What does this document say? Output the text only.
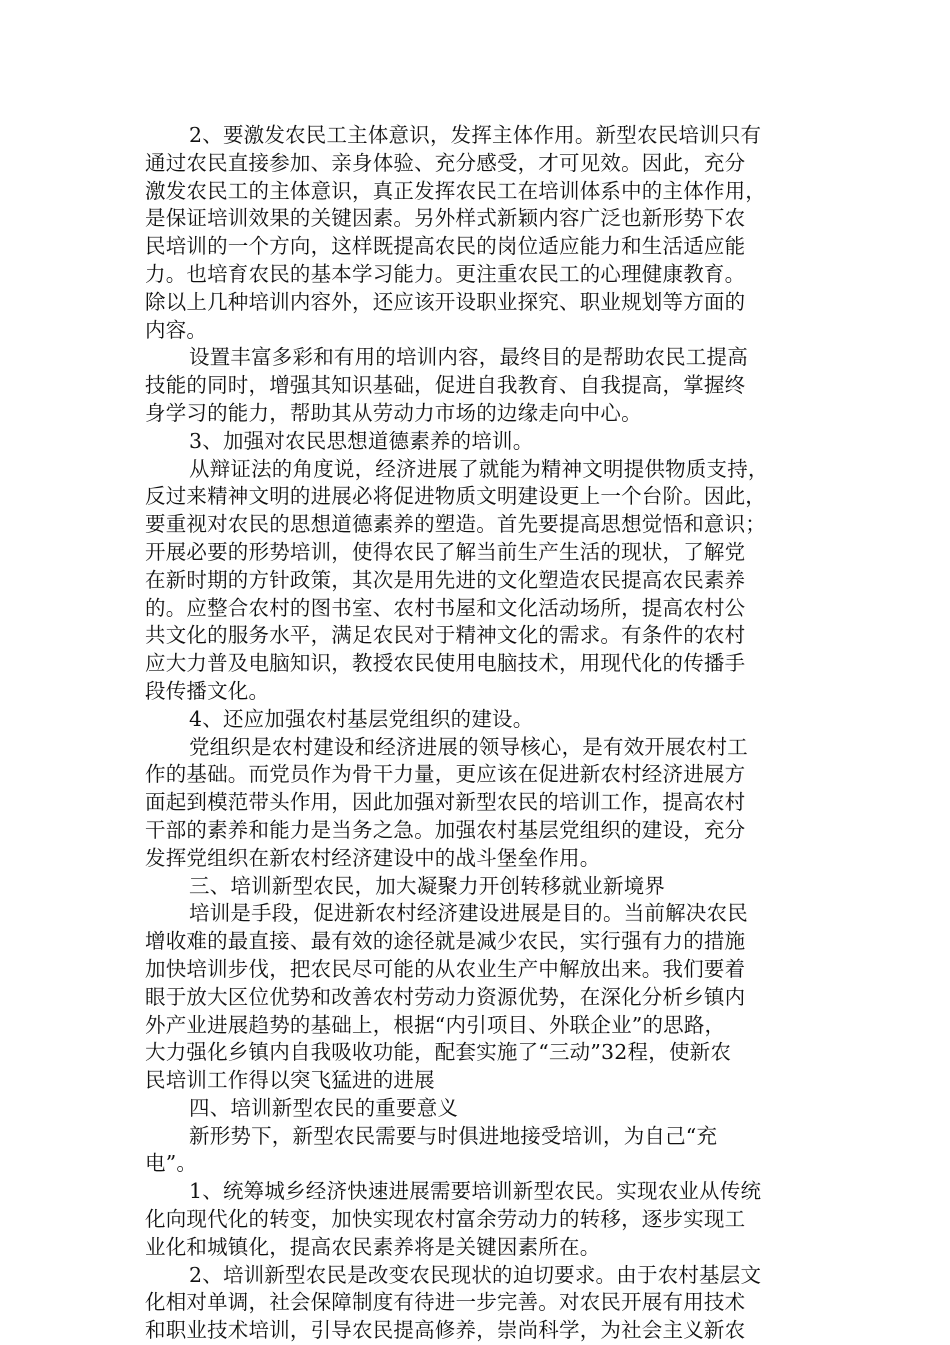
2、要激发农民工主体意识，发挥主体作用。新型农民培训只有
通过农民直接参加、亲身体验、充分感受，才可见效。因此，充分
激发农民工的主体意识，真正发挥农民工在培训体系中的主体作用，
是保证培训效果的关键因素。另外样式新颖内容广泛也新形势下农
民培训的一个方向，这样既提高农民的岗位适应能力和生活适应能
力。也培育农民的基本学习能力。更注重农民工的心理健康教育。
除以上几种培训内容外，还应该开设职业探究、职业规划等方面的
内容。
设置丰富多彩和有用的培训内容，最终目的是帮助农民工提高
技能的同时，增强其知识基础，促进自我教育、自我提高，掌握终
身学习的能力，帮助其从劳动力市场的边缘走向中心。
3、加强对农民思想道德素养的培训。
从辩证法的角度说，经济进展了就能为精神文明提供物质支持，
反过来精神文明的进展必将促进物质文明建设更上一个台阶。因此，
要重视对农民的思想道德素养的塑造。首先要提高思想觉悟和意识；
开展必要的形势培训，使得农民了解当前生产生活的现状，了解党
在新时期的方针政策，其次是用先进的文化塑造农民提高农民素养
的。应整合农村的图书室、农村书屋和文化活动场所，提高农村公
共文化的服务水平，满足农民对于精神文化的需求。有条件的农村
应大力普及电脑知识，教授农民使用电脑技术，用现代化的传播手
段传播文化。
4、还应加强农村基层党组织的建设。
党组织是农村建设和经济进展的领导核心，是有效开展农村工
作的基础。而党员作为骨干力量，更应该在促进新农村经济进展方
面起到模范带头作用，因此加强对新型农民的培训工作，提高农村
干部的素养和能力是当务之急。加强农村基层党组织的建设，充分
发挥党组织在新农村经济建设中的战斗堡垒作用。
三、培训新型农民，加大凝聚力开创转移就业新境界
培训是手段，促进新农村经济建设进展是目的。当前解决农民
增收难的最直接、最有效的途径就是减少农民，实行强有力的措施
加快培训步伐，把农民尽可能的从农业生产中解放出来。我们要着
眼于放大区位优势和改善农村劳动力资源优势，在深化分析乡镇内
外产业进展趋势的基础上，根据“内引项目、外联企业”的思路，
大力强化乡镇内自我吸收功能，配套实施了“三动”32程，使新农
民培训工作得以突飞猛进的进展
四、培训新型农民的重要意义
新形势下，新型农民需要与时俱进地接受培训，为自己“充
电”。
1、统筹城乡经济快速进展需要培训新型农民。实现农业从传统
化向现代化的转变，加快实现农村富余劳动力的转移，逐步实现工
业化和城镇化，提高农民素养将是关键因素所在。
2、培训新型农民是改变农民现状的迫切要求。由于农村基层文
化相对单调，社会保障制度有待进一步完善。对农民开展有用技术
和职业技术培训，引导农民提高修养，崇尚科学，为社会主义新农
